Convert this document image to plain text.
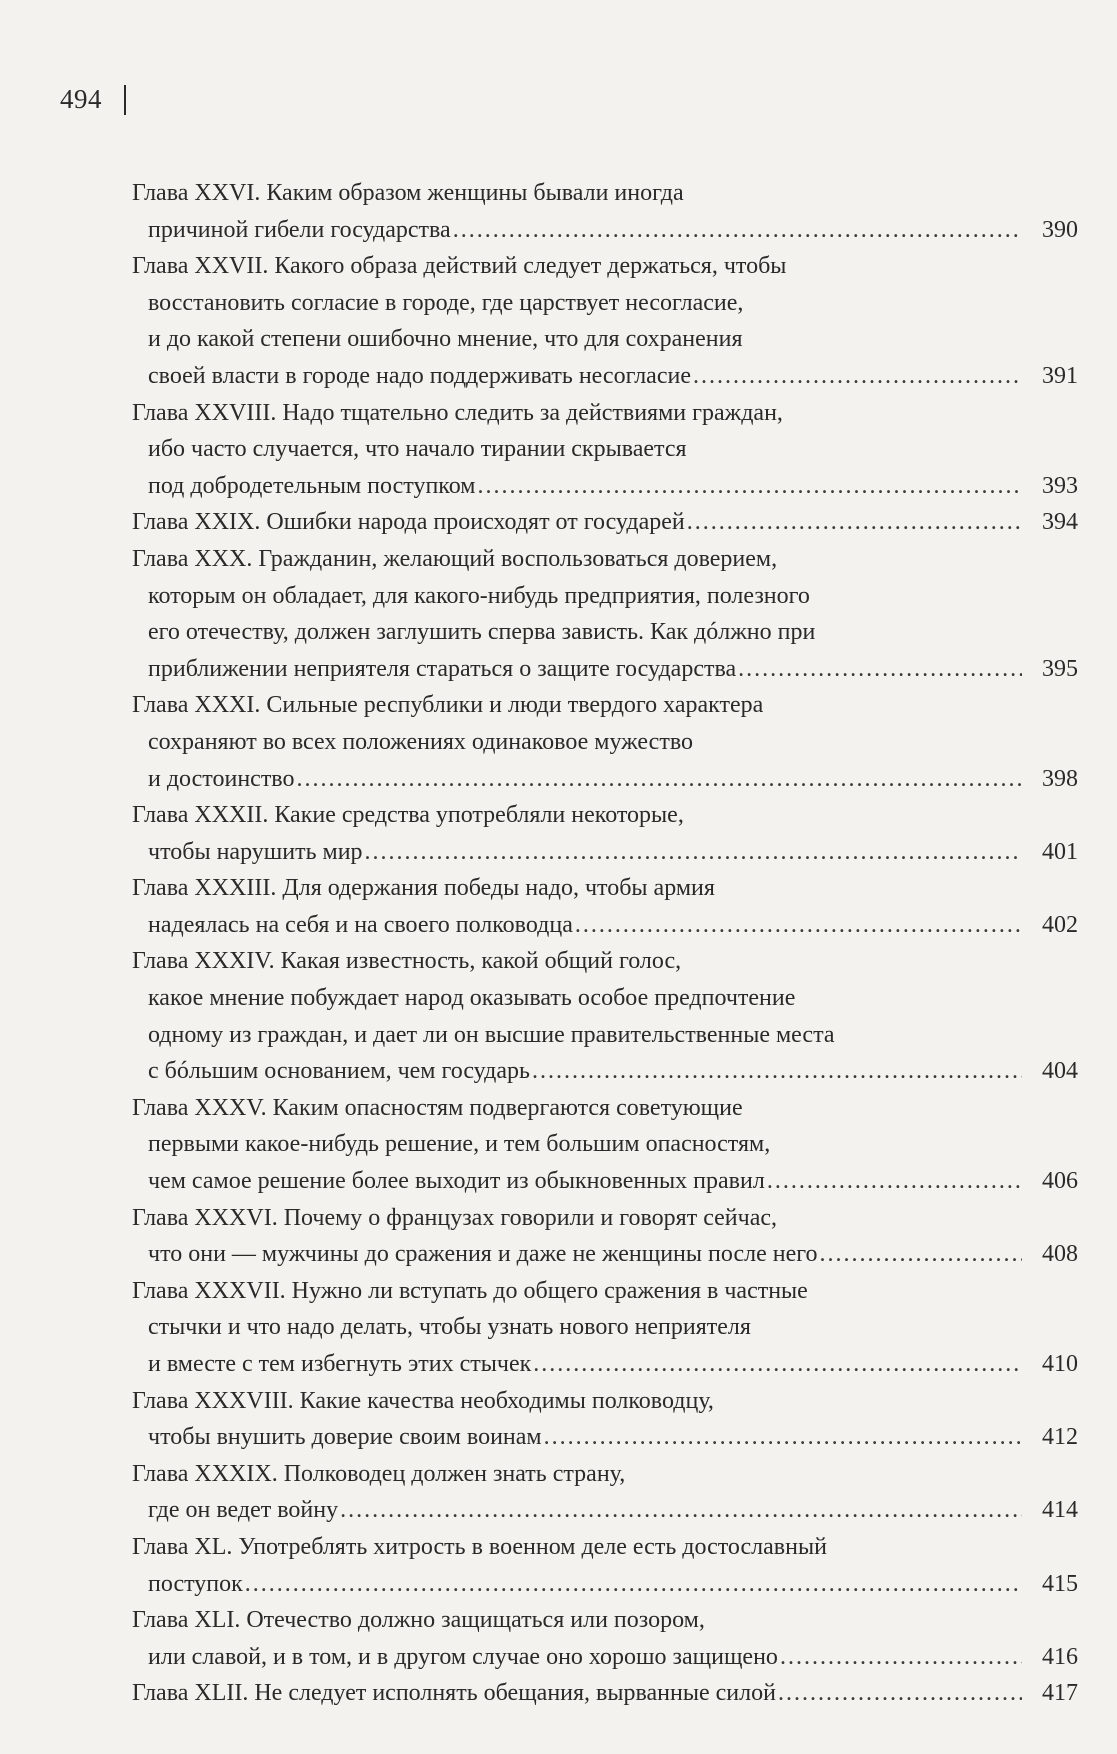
494
Глава XXVI. Каким образом женщины бывали иногда
причиной гибели государства . . .	390
Глава XXVII. Какого образа действий следует держаться, чтобы
восстановить согласие в городе, где царствует несогласие,
и до какой степени ошибочно мнение, что для сохранения
своей власти в городе надо поддерживать несогласие . . .	391
Глава XXVIII. Надо тщательно следить за действиями граждан,
ибо часто случается, что начало тирании скрывается
под добродетельным поступком . . .	393
Глава XXIX. Ошибки народа происходят от государей . . .	394
Глава XXX. Гражданин, желающий воспользоваться доверием,
которым он обладает, для какого-нибудь предприятия, полезного
его отечеству, должен заглушить сперва зависть. Как дóлжно при
приближении неприятеля стараться о защите государства . . .	395
Глава XXXI. Сильные республики и люди твердого характера
сохраняют во всех положениях одинаковое мужество
и достоинство . . .	398
Глава XXXII. Какие средства употребляли некоторые,
чтобы нарушить мир . . .	401
Глава XXXIII. Для одержания победы надо, чтобы армия
надеялась на себя и на своего полководца . . .	402
Глава XXXIV. Какая известность, какой общий голос,
какое мнение побуждает народ оказывать особое предпочтение
одному из граждан, и дает ли он высшие правительственные места
с бóльшим основанием, чем государь . . .	404
Глава XXXV. Каким опасностям подвергаются советующие
первыми какое-нибудь решение, и тем большим опасностям,
чем самое решение более выходит из обыкновенных правил . . .	406
Глава XXXVI. Почему о французах говорили и говорят сейчас,
что они — мужчины до сражения и даже не женщины после него . . .	408
Глава XXXVII. Нужно ли вступать до общего сражения в частные
стычки и что надо делать, чтобы узнать нового неприятеля
и вместе с тем избегнуть этих стычек . . .	410
Глава XXXVIII. Какие качества необходимы полководцу,
чтобы внушить доверие своим воинам . . .	412
Глава XXXIX. Полководец должен знать страну,
где он ведет войну . . .	414
Глава XL. Употреблять хитрость в военном деле есть достославный
поступок . . .	415
Глава XLI. Отечество должно защищаться или позором,
или славой, и в том, и в другом случае оно хорошо защищено . . .	416
Глава XLII. Не следует исполнять обещания, вырванные силой . . .	417
